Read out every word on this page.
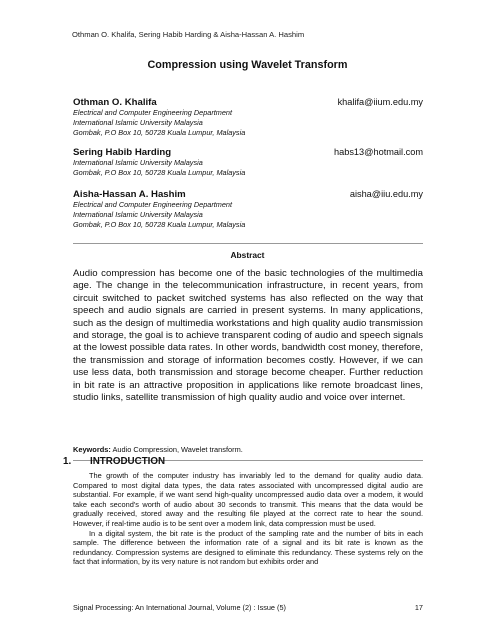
Othman O. Khalifa, Sering Habib Harding & Aisha-Hassan A. Hashim
Compression using Wavelet Transform
Othman O. Khalifa	khalifa@iium.edu.my
Electrical and Computer Engineering Department
International Islamic University Malaysia
Gombak, P.O Box 10, 50728 Kuala Lumpur, Malaysia
Sering Habib Harding	habs13@hotmail.com
International Islamic University Malaysia
Gombak, P.O Box 10, 50728 Kuala Lumpur, Malaysia
Aisha-Hassan A. Hashim	aisha@iiu.edu.my
Electrical and Computer Engineering Department
International Islamic University Malaysia
Gombak, P.O Box 10, 50728 Kuala Lumpur, Malaysia
Abstract
Audio compression has become one of the basic technologies of the multimedia age. The change in the telecommunication infrastructure, in recent years, from circuit switched to packet switched systems has also reflected on the way that speech and audio signals are carried in present systems. In many applications, such as the design of multimedia workstations and high quality audio transmission and storage, the goal is to achieve transparent coding of audio and speech signals at the lowest possible data rates. In other words, bandwidth cost money, therefore, the transmission and storage of information becomes costly. However, if we can use less data, both transmission and storage become cheaper. Further reduction in bit rate is an attractive proposition in applications like remote broadcast lines, studio links, satellite transmission of high quality audio and voice over internet.
Keywords: Audio Compression, Wavelet transform.
1.	INTRODUCTION

The growth of the computer industry has invariably led to the demand for quality audio data. Compared to most digital data types, the data rates associated with uncompressed digital audio are substantial. For example, if we want send high-quality uncompressed audio data over a modem, it would take each second's worth of audio about 30 seconds to transmit. This means that the data would be gradually received, stored away and the resulting file played at the correct rate to hear the sound. However, if real-time audio is to be sent over a modem link, data compression must be used.

In a digital system, the bit rate is the product of the sampling rate and the number of bits in each sample. The difference between the information rate of a signal and its bit rate is known as the redundancy. Compression systems are designed to eliminate this redundancy. These systems rely on the fact that information, by its very nature is not random but exhibits order and

Signal Processing: An International Journal, Volume (2) : Issue (5)	17
